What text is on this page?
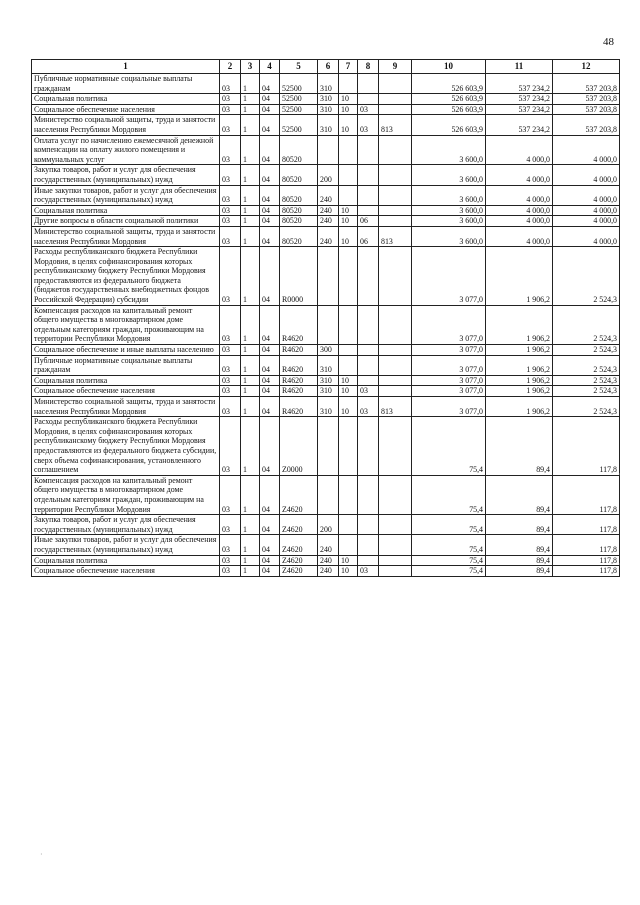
48
1	2	3	4	5	6	7	8	9	10	11	12
Публичные нормативные социальные выплаты гражданам	03	1	04	52500	310				526 603,9	537 234,2	537 203,8
Социальная политика	03	1	04	52500	310	10			526 603,9	537 234,2	537 203,8
Социальное обеспечение населения	03	1	04	52500	310	10	03		526 603,9	537 234,2	537 203,8
Министерство социальной защиты, труда и занятости населения Республики Мордовия	03	1	04	52500	310	10	03	813	526 603,9	537 234,2	537 203,8
Оплата услуг по начислению ежемесячной денежной компенсации на оплату жилого помещения и коммунальных услуг	03	1	04	80520					3 600,0	4 000,0	4 000,0
Закупка товаров, работ и услуг для обеспечения государственных (муниципальных) нужд	03	1	04	80520	200				3 600,0	4 000,0	4 000,0
Иные закупки товаров, работ и услуг для обеспечения государственных (муниципальных) нужд	03	1	04	80520	240				3 600,0	4 000,0	4 000,0
Социальная политика	03	1	04	80520	240	10			3 600,0	4 000,0	4 000,0
Другие вопросы в области социальной политики	03	1	04	80520	240	10	06		3 600,0	4 000,0	4 000,0
Министерство социальной защиты, труда и занятости населения Республики Мордовия	03	1	04	80520	240	10	06	813	3 600,0	4 000,0	4 000,0
Расходы республиканского бюджета Республики Мордовия, в целях софинансирования которых республиканскому бюджету Республики Мордовия предоставляются из федерального бюджета (бюджетов государственных внебюджетных фондов Российской Федерации) субсидии	03	1	04	R0000					3 077,0	1 906,2	2 524,3
Компенсация расходов на капитальный ремонт общего имущества в многоквартирном доме отдельным категориям граждан, проживающим на территории Республики Мордовия	03	1	04	R4620					3 077,0	1 906,2	2 524,3
Социальное обеспечение и иные выплаты населению	03	1	04	R4620	300				3 077,0	1 906,2	2 524,3
Публичные нормативные социальные выплаты гражданам	03	1	04	R4620	310				3 077,0	1 906,2	2 524,3
Социальная политика	03	1	04	R4620	310	10			3 077,0	1 906,2	2 524,3
Социальное обеспечение населения	03	1	04	R4620	310	10	03		3 077,0	1 906,2	2 524,3
Министерство социальной защиты, труда и занятости населения Республики Мордовия	03	1	04	R4620	310	10	03	813	3 077,0	1 906,2	2 524,3
Расходы республиканского бюджета Республики Мордовия, в целях софинансирования которых республиканскому бюджету Республики Мордовия предоставляются из федерального бюджета субсидии, сверх объема софинансирования, установленного соглашением	03	1	04	Z0000					75,4	89,4	117,8
Компенсация расходов на капитальный ремонт общего имущества в многоквартирном доме отдельным категориям граждан, проживающим на территории Республики Мордовия	03	1	04	Z4620					75,4	89,4	117,8
Закупка товаров, работ и услуг для обеспечения государственных (муниципальных) нужд	03	1	04	Z4620	200				75,4	89,4	117,8
Иные закупки товаров, работ и услуг для обеспечения государственных (муниципальных) нужд	03	1	04	Z4620	240				75,4	89,4	117,8
Социальная политика	03	1	04	Z4620	240	10			75,4	89,4	117,8
Социальное обеспечение населения	03	1	04	Z4620	240	10	03		75,4	89,4	117,8
·
·
·
